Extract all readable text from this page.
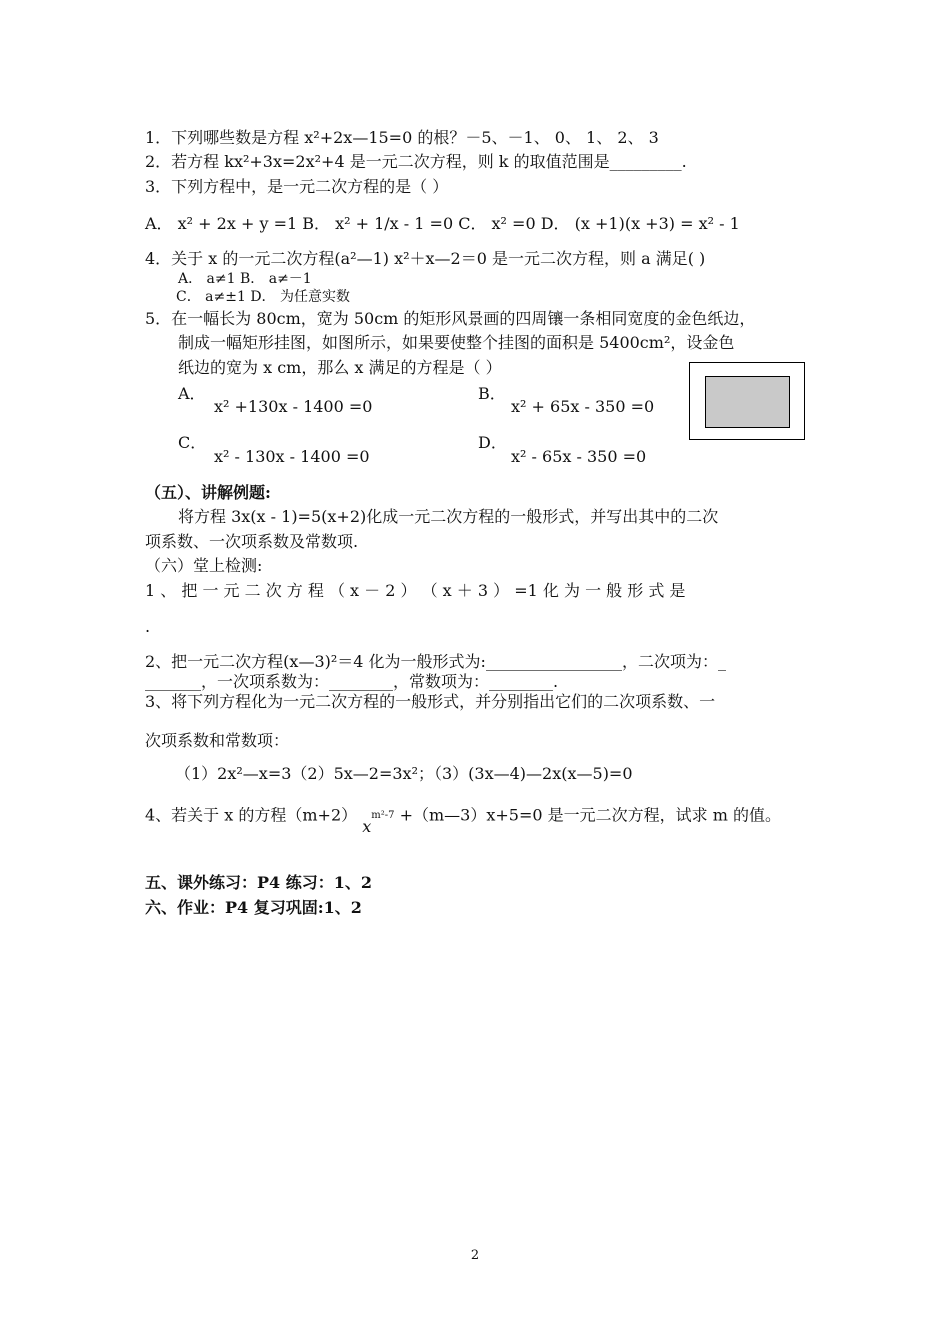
1．下列哪些数是方程 x²+2x—15=0 的根？－5、－1、 0、 1、 2、 3
2．若方程 kx²+3x=2x²+4 是一元二次方程，则 k 的取值范围是_________.
3．下列方程中，是一元二次方程的是（ ）
A． x² + 2x + y =1 B． x² + 1/x - 1 =0 C． x² =0 D． (x +1)(x +3) = x² - 1
4．关于 x 的一元二次方程(a²—1) x²＋x—2＝0 是一元二次方程，则 a 满足( )
A． a≠1 B． a≠－1
C． a≠±1 D． 为任意实数
5．在一幅长为 80cm，宽为 50cm 的矩形风景画的四周镶一条相同宽度的金色纸边，
制成一幅矩形挂图，如图所示，如果要使整个挂图的面积是 5400cm²，设金色
纸边的宽为 x cm，那么 x 满足的方程是（ ）
A．
x² +130x - 1400 =0
B．
x² + 65x - 350 =0
C．
x² - 130x - 1400 =0
D．
x² - 65x - 350 =0
（五）、讲解例题:
将方程 3x(x - 1)=5(x+2)化成一元二次方程的一般形式，并写出其中的二次
项系数、一次项系数及常数项.
（六）堂上检测:
1 、 把 一 元 二 次 方 程 （ x － 2 ） （ x ＋ 3 ） =1 化 为 一 般 形 式 是
.
2、把一元二次方程(x—3)²＝4 化为一般形式为:_________________，二次项为：_
_______，一次项系数为：________，常数项为：________.
3、将下列方程化为一元二次方程的一般形式，并分别指出它们的二次项系数、一
次项系数和常数项：
（1）2x²—x=3（2）5x—2=3x²；（3）(3x—4)—2x(x—5)=0
4、若关于 x 的方程（m+2） $x^{m^2-7}$ +（m—3）x+5=0 是一元二次方程，试求 m 的值。
五、课外练习：P4 练习：1、2
六、作业：P4 复习巩固:1、2
2
